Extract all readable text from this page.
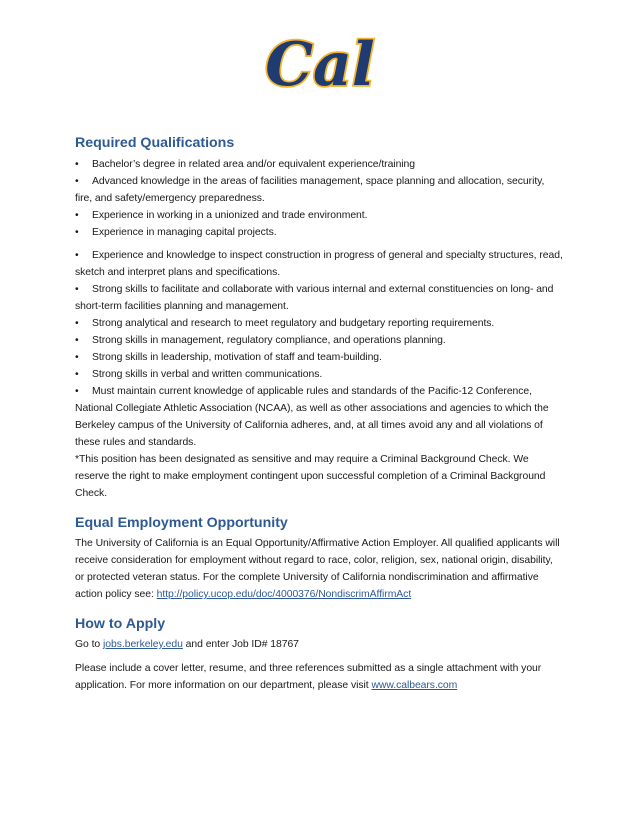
Cal
Required Qualifications
• Bachelor’s degree in related area and/or equivalent experience/training
• Advanced knowledge in the areas of facilities management, space planning and allocation, security, fire, and safety/emergency preparedness.
• Experience in working in a unionized and trade environment.
• Experience in managing capital projects.
• Experience and knowledge to inspect construction in progress of general and specialty structures, read, sketch and interpret plans and specifications.
• Strong skills to facilitate and collaborate with various internal and external constituencies on long- and short-term facilities planning and management.
• Strong analytical and research to meet regulatory and budgetary reporting requirements.
• Strong skills in management, regulatory compliance, and operations planning.
• Strong skills in leadership, motivation of staff and team-building.
• Strong skills in verbal and written communications.
• Must maintain current knowledge of applicable rules and standards of the Pacific-12 Conference, National Collegiate Athletic Association (NCAA), as well as other associations and agencies to which the Berkeley campus of the University of California adheres, and, at all times avoid any and all violations of these rules and standards.

*This position has been designated as sensitive and may require a Criminal Background Check. We reserve the right to make employment contingent upon successful completion of a Criminal Background Check.

Equal Employment Opportunity

The University of California is an Equal Opportunity/Affirmative Action Employer. All qualified applicants will receive consideration for employment without regard to race, color, religion, sex, national origin, disability, or protected veteran status. For the complete University of California nondiscrimination and affirmative action policy see: http://policy.ucop.edu/doc/4000376/NondiscrimAffirmAct

How to Apply

Go to jobs.berkeley.edu and enter Job ID# 18767

Please include a cover letter, resume, and three references submitted as a single attachment with your application. For more information on our department, please visit www.calbears.com
